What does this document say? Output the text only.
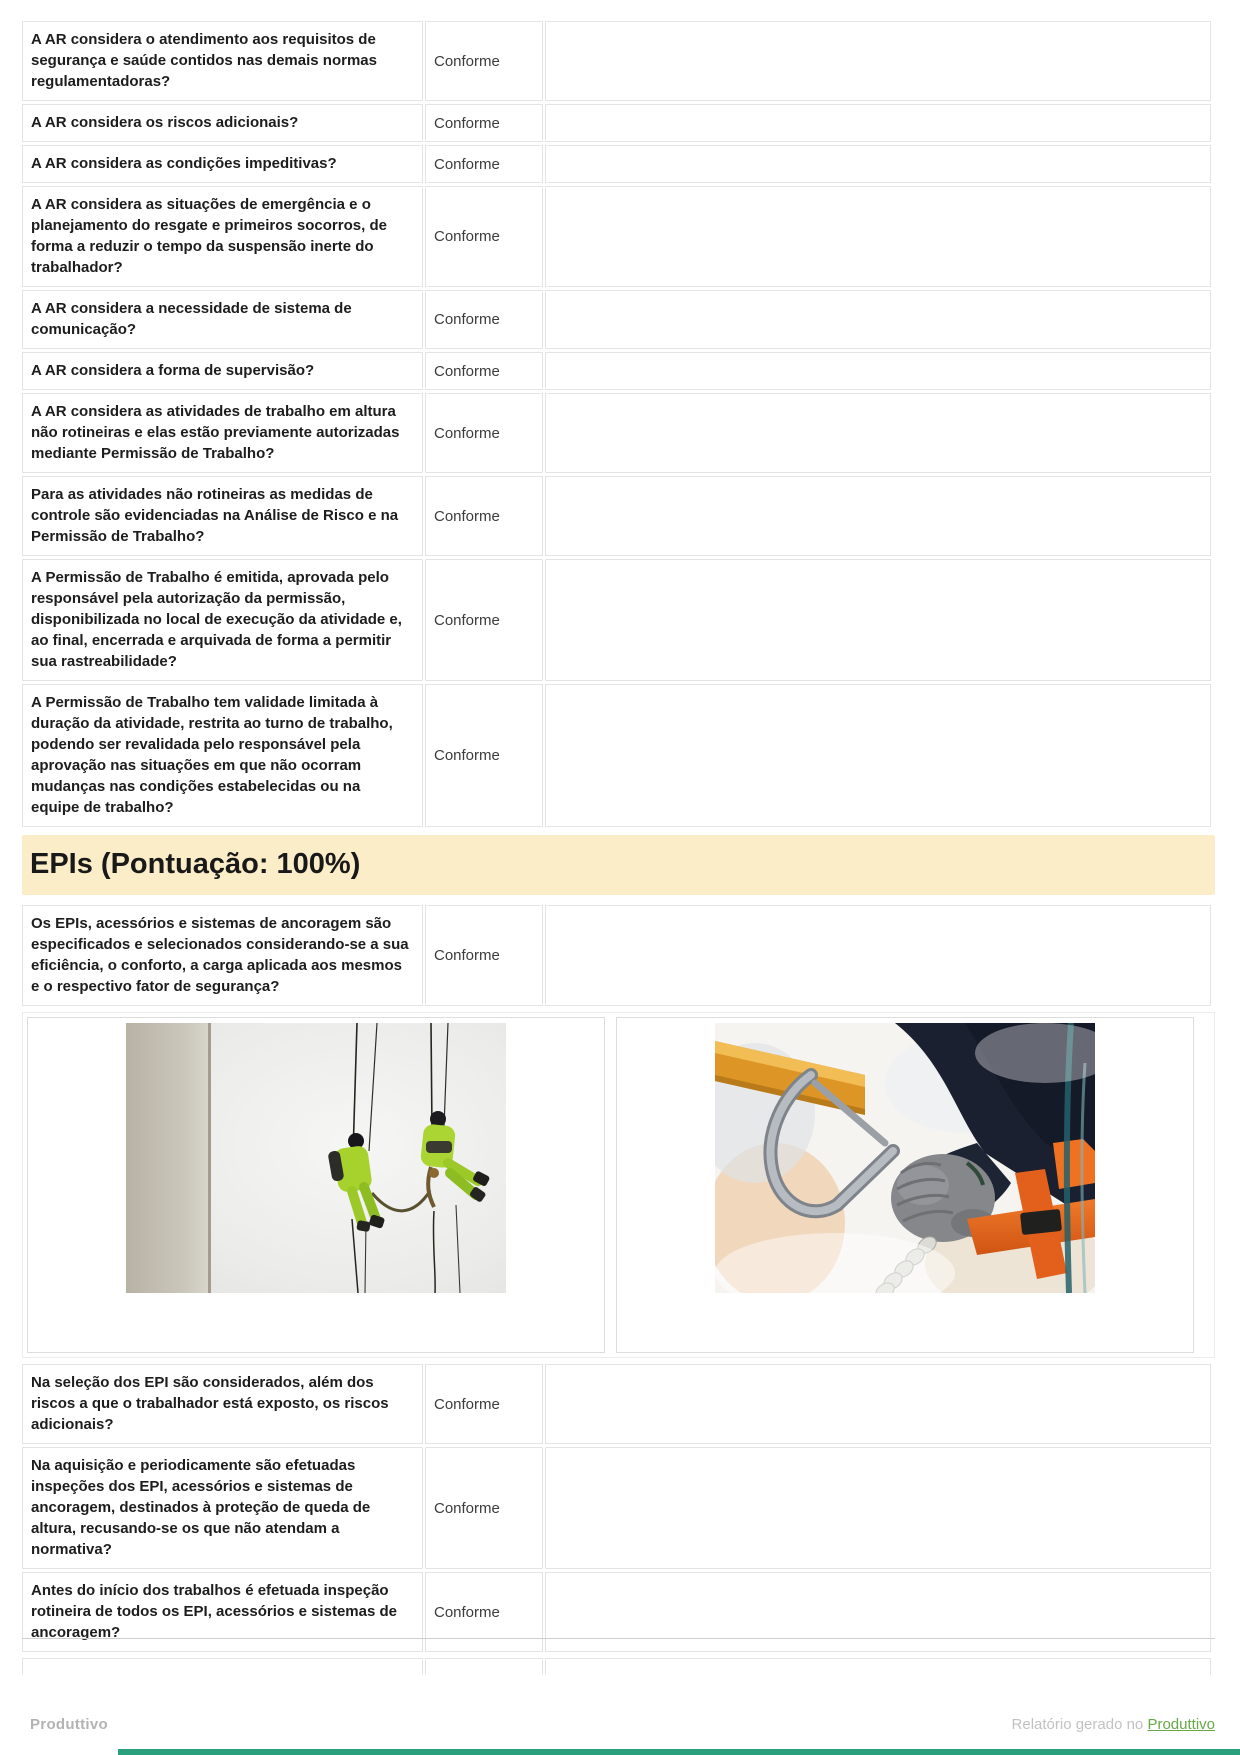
A AR considera o atendimento aos requisitos de segurança e saúde contidos nas demais normas regulamentadoras?	Conforme	
A AR considera os riscos adicionais?	Conforme	
A AR considera as condições impeditivas?	Conforme	
A AR considera as situações de emergência e o planejamento do resgate e primeiros socorros, de forma a reduzir o tempo da suspensão inerte do trabalhador?	Conforme	
A AR considera a necessidade de sistema de comunicação?	Conforme	
A AR considera a forma de supervisão?	Conforme	
A AR considera as atividades de trabalho em altura não rotineiras e elas estão previamente autorizadas mediante Permissão de Trabalho?	Conforme	
Para as atividades não rotineiras as medidas de controle são evidenciadas na Análise de Risco e na Permissão de Trabalho?	Conforme	
A Permissão de Trabalho é emitida, aprovada pelo responsável pela autorização da permissão, disponibilizada no local de execução da atividade e, ao final, encerrada e arquivada de forma a permitir sua rastreabilidade?	Conforme	
A Permissão de Trabalho tem validade limitada à duração da atividade, restrita ao turno de trabalho, podendo ser revalidada pelo responsável pela aprovação nas situações em que não ocorram mudanças nas condições estabelecidas ou na equipe de trabalho?	Conforme	
EPIs (Pontuação: 100%)
Os EPIs, acessórios e sistemas de ancoragem são especificados e selecionados considerando-se a sua eficiência, o conforto, a carga aplicada aos mesmos e o respectivo fator de segurança?	Conforme	
Na seleção dos EPI são considerados, além dos riscos a que o trabalhador está exposto, os riscos adicionais?	Conforme	
Na aquisição e periodicamente são efetuadas inspeções dos EPI, acessórios e sistemas de ancoragem, destinados à proteção de queda de altura, recusando-se os que não atendam a normativa?	Conforme	
Antes do início dos trabalhos é efetuada inspeção rotineira de todos os EPI, acessórios e sistemas de ancoragem?	Conforme	

Produttivo	Relatório gerado no Produttivo
